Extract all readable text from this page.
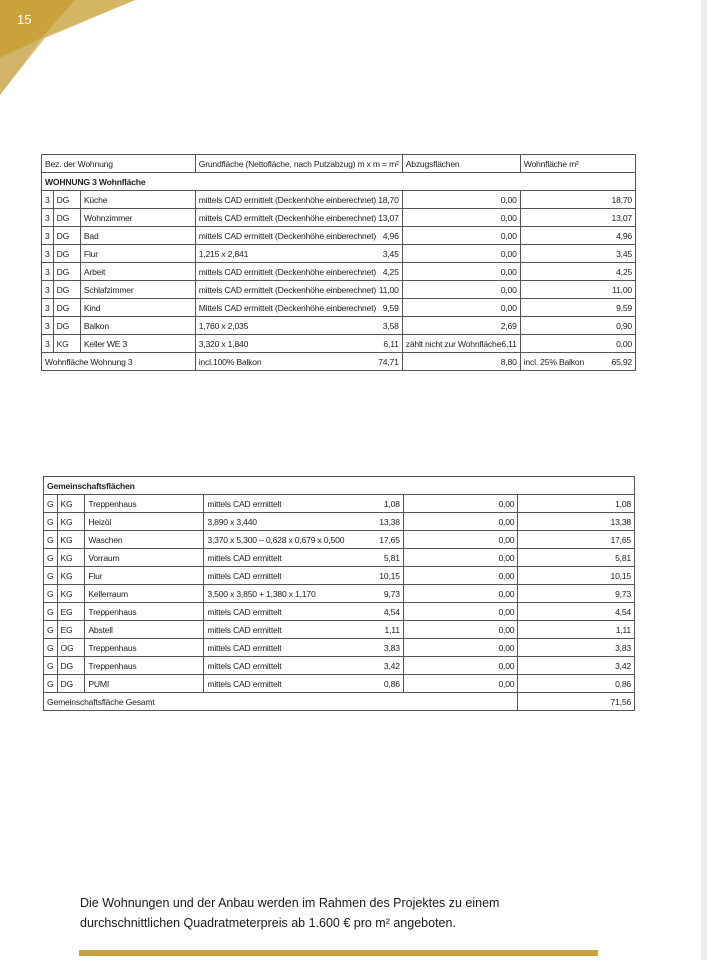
15
Bez. der Wohnung			Grundfläche (Nettofläche, nach Putzabzug) m x m = m²	Abzugsflächen	Wohnfläche m²
WOHNUNG 3 Wohnfläche					
3	DG	Küche	mittels CAD ermittelt (Deckenhöhe einberechnet) 18,70	0,00	18,70
3	DG	Wohnzimmer	mittels CAD ermittelt (Deckenhöhe einberechnet) 13,07	0,00	13,07
3	DG	Bad	mittels CAD ermittelt (Deckenhöhe einberechnet) 4,96	0,00	4,96
3	DG	Flur	1,215 x 2,841 3,45	0,00	3,45
3	DG	Arbeit	mittels CAD ermittelt (Deckenhöhe einberechnet) 4,25	0,00	4,25
3	DG	Schlafzimmer	mittels CAD ermittelt (Deckenhöhe einberechnet) 11,00	0,00	11,00
3	DG	Kind	Mittels CAD ermittelt (Deckenhöhe einberechnet) 9,59	0,00	9,59
3	DG	Balkon	1,760 x 2,035 3,58	2,69	0,90
3	KG	Keller WE 3	3,320 x 1,840 6,11	zählt nicht zur Wohnfläche 6,11	0,00
Wohnfläche Wohnung 3			incl.100% Balkon 74,71	8,80	incl. 25% Balkon 65,92
Gemeinschaftsflächen					
G	KG	Treppenhaus	mittels CAD ermittelt 1,08	0,00	1,08
G	KG	Heizöl	3,890 x 3,440 13,38	0,00	13,38
G	KG	Waschen	3,370 x 5,300 – 0,628 x 0,679 x 0,500 17,65	0,00	17,65
G	KG	Vorraum	mittels CAD ermittelt 5,81	0,00	5,81
G	KG	Flur	mittels CAD ermittelt 10,15	0,00	10,15
G	KG	Kellerraum	3,500 x 3,850 + 1,380 x 1,170 9,73	0,00	9,73
G	EG	Treppenhaus	mittels CAD ermittelt 4,54	0,00	4,54
G	EG	Abstell	mittels CAD ermittelt 1,11	0,00	1,11
G	OG	Treppenhaus	mittels CAD ermittelt 3,83	0,00	3,83
G	DG	Treppenhaus	mittels CAD ermittelt 3,42	0,00	3,42
G	DG	PUMI	mittels CAD ermittelt 0,86	0,00	0,86
Gemeinschaftsfläche Gesamt					71,56
Die Wohnungen und der Anbau werden im Rahmen des Projektes zu einem
durchschnittlichen Quadratmeterpreis ab 1.600 € pro m² angeboten.
